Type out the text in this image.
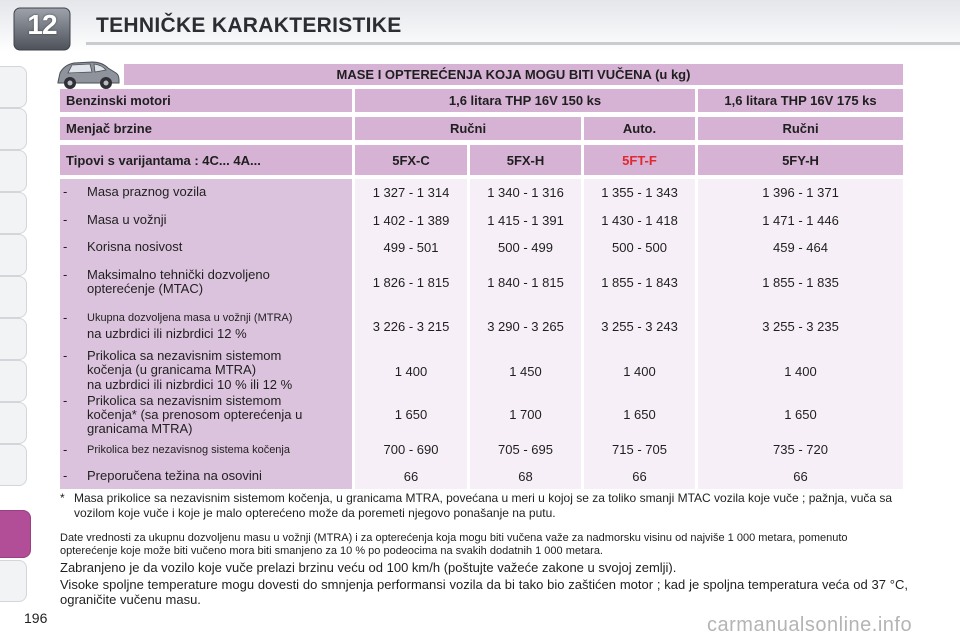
12	TEHNIČKE KARAKTERISTIKE
MASE I OPTEREĆENJA KOJA MOGU BITI VUČENA (u kg)
Benzinski motori	1,6 litara THP 16V 150 ks	1,6 litara THP 16V 175 ks
Menjač brzine	Ručni	Auto.	Ručni
Tipovi s varijantama : 4C... 4A...	5FX-C	5FX-H	5FT-F	5FY-H
- Masa praznog vozila	1 327 - 1 314	1 340 - 1 316	1 355 - 1 343	1 396 - 1 371
- Masa u vožnji	1 402 - 1 389	1 415 - 1 391	1 430 - 1 418	1 471 - 1 446
- Korisna nosivost	499 - 501	500 - 499	500 - 500	459 - 464
- Maksimalno tehnički dozvoljeno
opterećenje (MTAC)	1 826 - 1 815	1 840 - 1 815	1 855 - 1 843	1 855 - 1 835
- Ukupna dozvoljena masa u vožnji (MTRA)
na uzbrdici ili nizbrdici 12 %	3 226 - 3 215	3 290 - 3 265	3 255 - 3 243	3 255 - 3 235
- Prikolica sa nezavisnim sistemom
kočenja (u granicama MTRA)
na uzbrdici ili nizbrdici 10 % ili 12 %
1 400	1 450	1 400	1 400
- Prikolica sa nezavisnim sistemom
kočenja* (sa prenosom opterećenja u
granicama MTRA)
1 650	1 700	1 650	1 650
- Prikolica bez nezavisnog sistema kočenja	700 - 690	705 - 695	715 - 705	735 - 720
- Preporučena težina na osovini	66	68	66	66
* Masa prikolice sa nezavisnim sistemom kočenja, u granicama MTRA, povećana u meri u kojoj se za toliko smanji MTAC vozila koje vuče ; pažnja, vuča sa vozilom koje vuče i koje je malo opterećeno može da poremeti njegovo ponašanje na putu.
Date vrednosti za ukupnu dozvoljenu masu u vožnji (MTRA) i za opterećenja koja mogu biti vučena važe za nadmorsku visinu od najviše 1 000 metara, pomenuto opterećenje koje može biti vučeno mora biti smanjeno za 10 % po podeocima na svakih dodatnih 1 000 metara.
Zabranjeno je da vozilo koje vuče prelazi brzinu veću od 100 km/h (poštujte važeće zakone u svojoj zemlji).
Visoke spoljne temperature mogu dovesti do smnjenja performansi vozila da bi tako bio zaštićen motor ; kad je spoljna temperatura veća od 37 °C, ograničite vučenu masu.
196	carmanualsonline.info
